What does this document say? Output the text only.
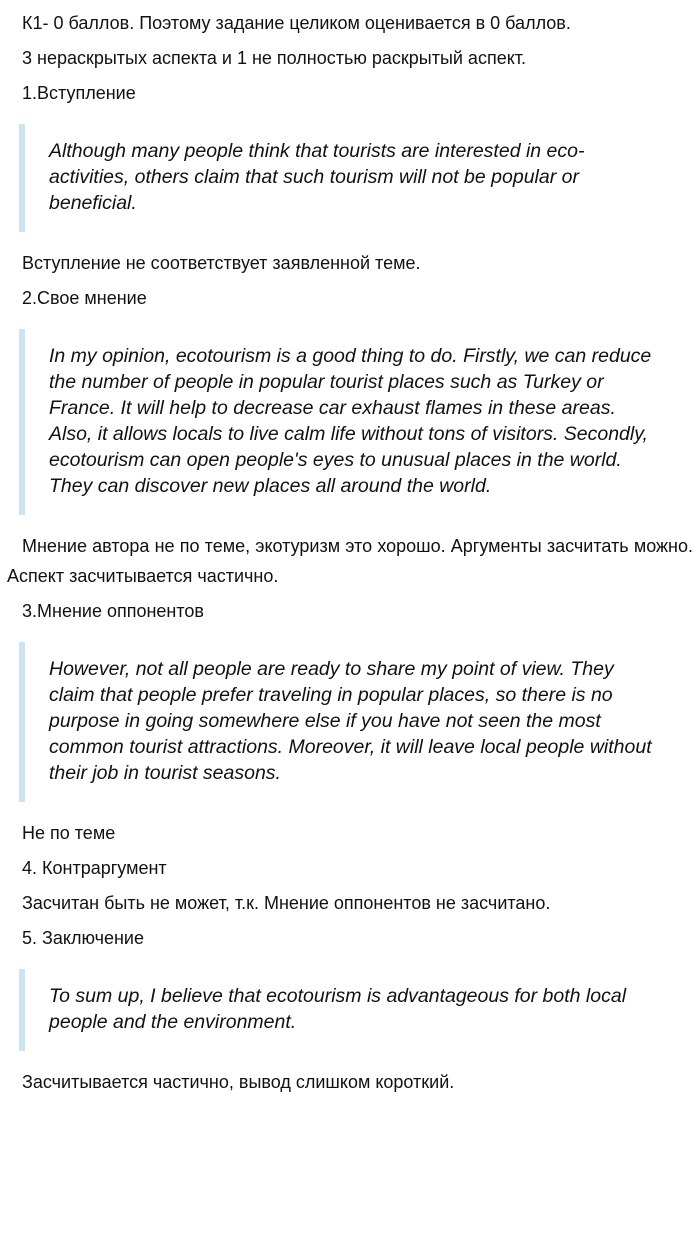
К1- 0 баллов. Поэтому задание целиком оценивается в 0 баллов.

3 нераскрытых аспекта и 1 не полностью раскрытый аспект.

1.Вступление

Although many people think that tourists are interested in eco-activities, others claim that such tourism will not be popular or beneficial.

Вступление не соответствует заявленной теме.

2.Свое мнение

In my opinion, ecotourism is a good thing to do. Firstly, we can reduce the number of people in popular tourist places such as Turkey or France. It will help to decrease car exhaust flames in these areas. Also, it allows locals to live calm life without tons of visitors. Secondly, ecotourism can open people's eyes to unusual places in the world. They can discover new places all around the world.

Мнение автора не по теме, экотуризм это хорошо. Аргументы засчитать можно. Аспект засчитывается частично.

3.Мнение оппонентов

However, not all people are ready to share my point of view. They claim that people prefer traveling in popular places, so there is no purpose in going somewhere else if you have not seen the most common tourist attractions. Moreover, it will leave local people without their job in tourist seasons.

Не по теме

4. Контраргумент

Засчитан быть не может, т.к. Мнение оппонентов не засчитано.

5. Заключение

To sum up, I believe that ecotourism is advantageous for both local people and the environment.

Засчитывается частично, вывод слишком короткий.
